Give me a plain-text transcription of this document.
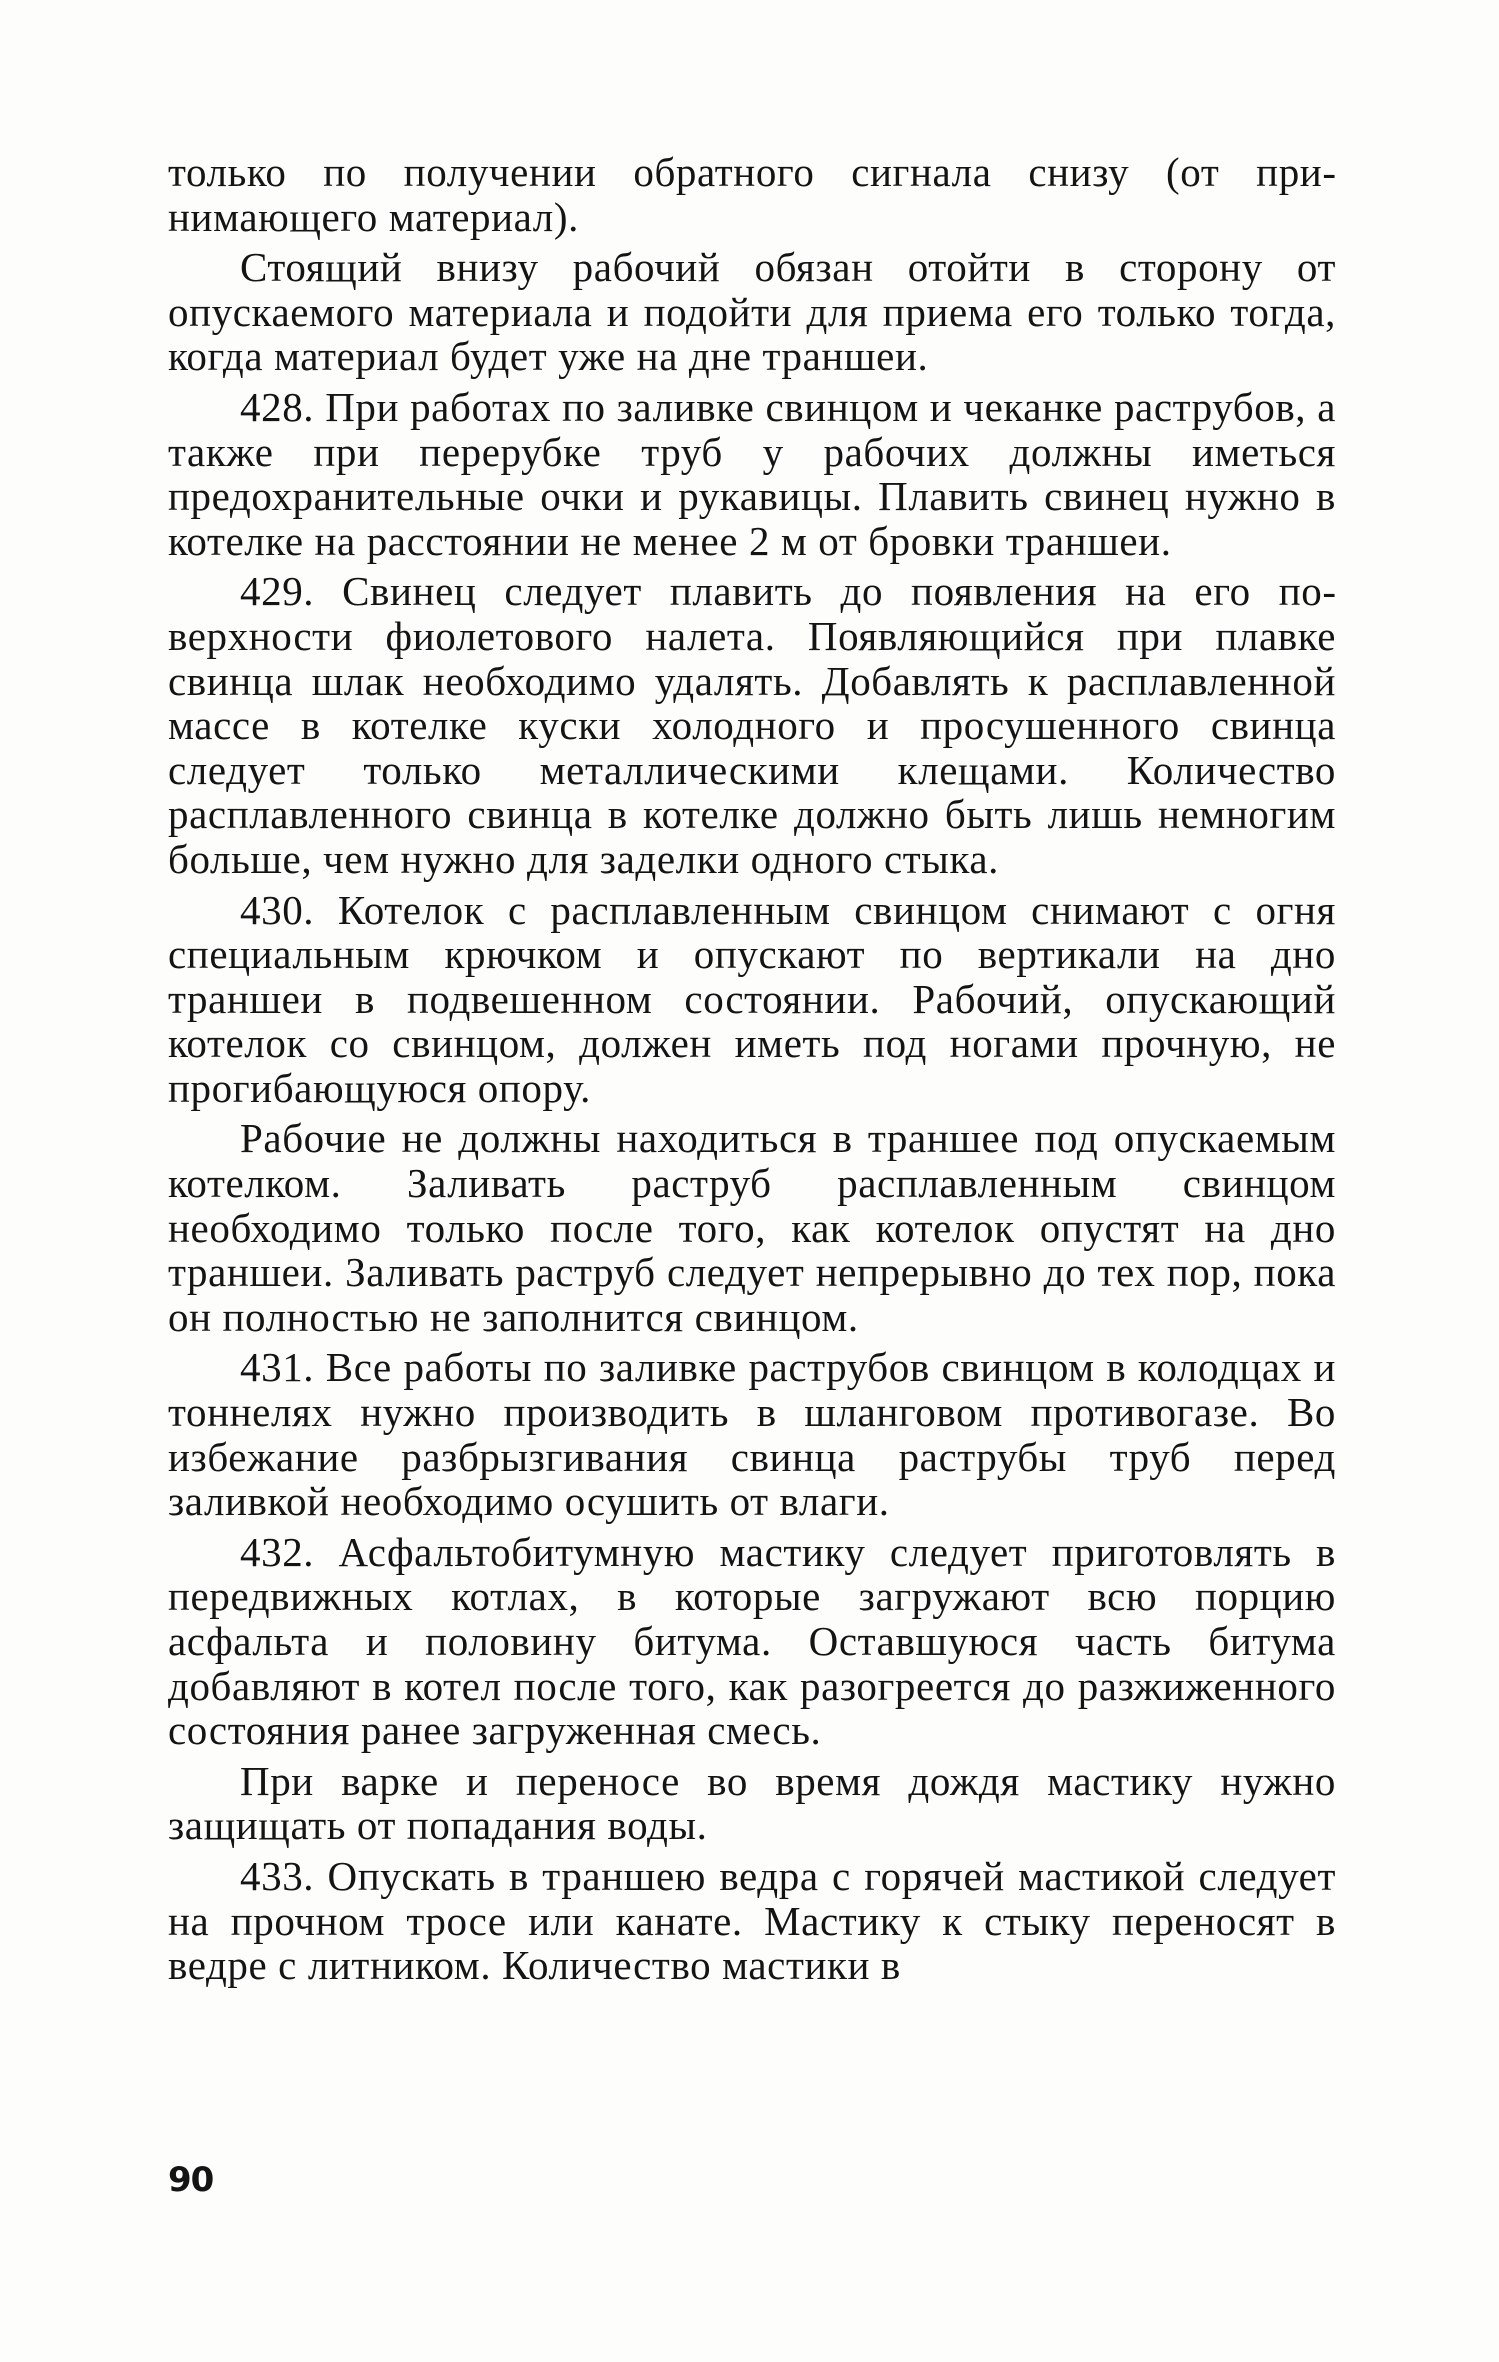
только по получении обратного сигнала снизу (от принимающего материал).

Стоящий внизу рабочий обязан отойти в сторону от опускаемого материала и подойти для приема его только тогда, когда материал будет уже на дне траншеи.

428. При работах по заливке свинцом и чеканке раструбов, а также при перерубке труб у рабочих должны иметься предохранительные очки и рукавицы. Плавить свинец нужно в котелке на расстоянии не менее 2 м от бровки траншеи.

429. Свинец следует плавить до появления на его поверхности фиолетового налета. Появляющийся при плавке свинца шлак необходимо удалять. Добавлять к расплавленной массе в котелке куски холодного и просушенного свинца следует только металлическими клещами. Количество расплавленного свинца в котелке должно быть лишь немногим больше, чем нужно для заделки одного стыка.

430. Котелок с расплавленным свинцом снимают с огня специальным крючком и опускают по вертикали на дно траншеи в подвешенном состоянии. Рабочий, опускающий котелок со свинцом, должен иметь под ногами прочную, не прогибающуюся опору.

Рабочие не должны находиться в траншее под опускаемым котелком. Заливать раструб расплавленным свинцом необходимо только после того, как котелок опустят на дно траншеи. Заливать раструб следует непрерывно до тех пор, пока он полностью не заполнится свинцом.

431. Все работы по заливке раструбов свинцом в колодцах и тоннелях нужно производить в шланговом противогазе. Во избежание разбрызгивания свинца раструбы труб перед заливкой необходимо осушить от влаги.

432. Асфальтобитумную мастику следует приготовлять в передвижных котлах, в которые загружают всю порцию асфальта и половину битума. Оставшуюся часть битума добавляют в котел после того, как разогреется до разжиженного состояния ранее загруженная смесь.

При варке и переносе во время дождя мастику нужно защищать от попадания воды.

433. Опускать в траншею ведра с горячей мастикой следует на прочном тросе или канате. Мастику к стыку переносят в ведре с литником. Количество мастики в

90
